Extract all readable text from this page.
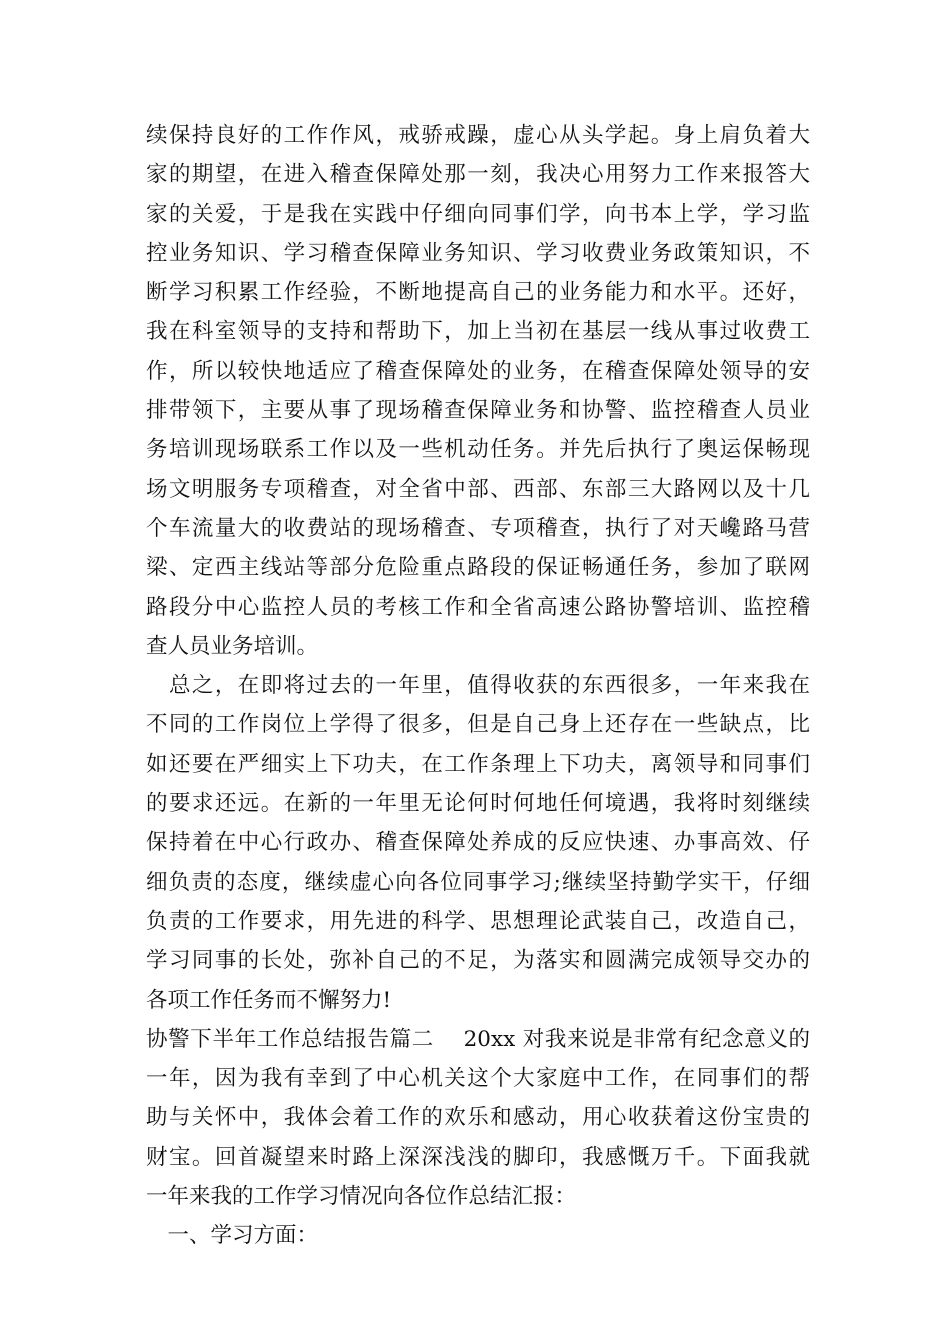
续保持良好的工作作风，戒骄戒躁，虚心从头学起。身上肩负着大
家的期望，在进入稽查保障处那一刻，我决心用努力工作来报答大
家的关爱，于是我在实践中仔细向同事们学，向书本上学，学习监
控业务知识、学习稽查保障业务知识、学习收费业务政策知识，不
断学习积累工作经验，不断地提高自己的业务能力和水平。还好，
我在科室领导的支持和帮助下，加上当初在基层一线从事过收费工
作，所以较快地适应了稽查保障处的业务，在稽查保障处领导的安
排带领下，主要从事了现场稽查保障业务和协警、监控稽查人员业
务培训现场联系工作以及一些机动任务。并先后执行了奥运保畅现
场文明服务专项稽查，对全省中部、西部、东部三大路网以及十几
个车流量大的收费站的现场稽查、专项稽查，执行了对天巉路马营
梁、定西主线站等部分危险重点路段的保证畅通任务，参加了联网
路段分中心监控人员的考核工作和全省高速公路协警培训、监控稽
查人员业务培训。
　总之，在即将过去的一年里，值得收获的东西很多，一年来我在
不同的工作岗位上学得了很多，但是自己身上还存在一些缺点，比
如还要在严细实上下功夫，在工作条理上下功夫，离领导和同事们
的要求还远。在新的一年里无论何时何地任何境遇，我将时刻继续
保持着在中心行政办、稽查保障处养成的反应快速、办事高效、仔
细负责的态度，继续虚心向各位同事学习;继续坚持勤学实干，仔细
负责的工作要求，用先进的科学、思想理论武装自己，改造自己，
学习同事的长处，弥补自己的不足，为落实和圆满完成领导交办的
各项工作任务而不懈努力!
协警下半年工作总结报告篇二　 20xx 对我来说是非常有纪念意义的
一年，因为我有幸到了中心机关这个大家庭中工作，在同事们的帮
助与关怀中，我体会着工作的欢乐和感动，用心收获着这份宝贵的
财宝。回首凝望来时路上深深浅浅的脚印，我感慨万千。下面我就
一年来我的工作学习情况向各位作总结汇报：
　一、学习方面：
